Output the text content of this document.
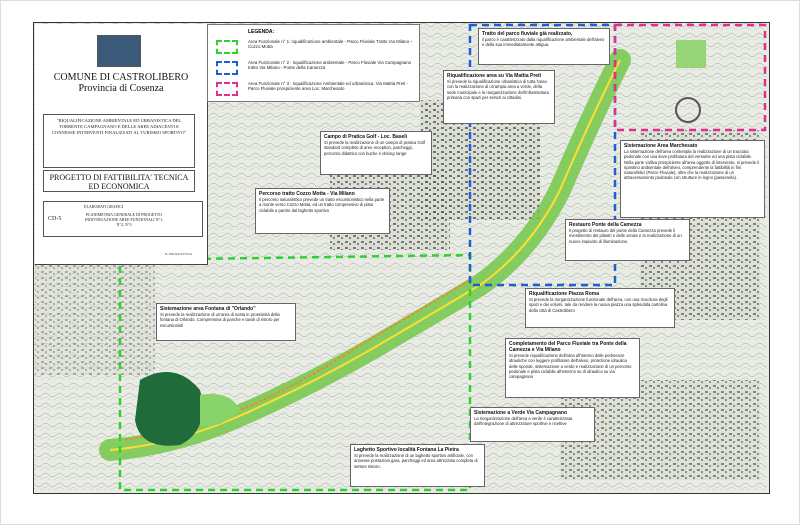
COMUNE DI CASTROLIBERO
Provincia di Cosenza
"RIQUALIFICAZIONE AMBIENTALE ED URBANISTICA DEL TORRENTE CAMPAGNANO E DELLE AREE ADIACENTI E CONNESSE INTERVENTI FINALIZZATI AL TURISMO SPORTIVO"
PROGETTO DI FATTIBILITA' TECNICA ED ECONOMICA
ELABORATI GRAFICI
CD-5
PLANIMETRIA GENERALE DI PROGETTO INDIVIDUAZIONE AREE FUNZIONALI N°1, N°2, N°3
IL PROGETTISTA
LEGENDA:
Area Funzionale n° 1: riqualificazione ambientale - Parco Fluviale Tratto Via Milano – Cozzo Motta
Area Funzionale n° 2 : riqualificazione ambientale - Parco Fluviale Via Campagnano tratto Via Milano - Ponte della Camezza
Area Funzionale n° 3 : riqualificazione Ambientale ed urbanistica. Via Mattia Preti - Parco Fluviale prospiciente area Loc. Marchesato
Tratto del parco fluviale già realizzato,
il parco è caratterizzato dalla riqualificazione ambientale dell'alveo e della sua immediatamente attigua.
Riqualificazione area su Via Mattia Preti
Si prevede la riqualificazione urbanistica di tutta l'area con la realizzazione di un'ampia area a verde, della sede municipale e la riorganizzazione dell'infrastruttura primaria con spazi per servizi ai cittadini.
Campo di Pratica Golf - Loc. Baselì
Si prevede la realizzazione di un campo di pratica Golf standard completo di aree reception, parcheggi, percorso didattico con buche e driving range
Percorso tratto Cozzo Motta - Via Milano
Il percorso naturalistico prevede un tratto escursionistico nella parte a monte verso Cozzo Motta, ed un tratto comprensivo di pista ciclabile a partire dal laghetto sportivo
Sistemazione Area Marchesato
La sistemazione dell'area contempla la realizzazione di un tracciato pedonale con una lieve profilatura del versante ed una pista ciclabile. Nella parte valliva prospiciente all'area oggetto di intervento, si prevede il ripristino ambientale dell'alveo, comprendente la fattibilità in fini naturalistici (Parco Fluviale), oltre che la realizzazione di un attraversamento pedonale con strutture in legno (passerella).
Restauro Ponte della Camezza
Il progetto di restauro del ponte della Camezza prevede il rivestimento dei pilastri e delle arcate e la realizzazione di un nuovo impianto di illuminazione.
Sistemazione area Fontana di "Orlando"
Si prevede la realizzazione di un'area di sosta in prossimità della fontana di Orlando. Comprensiva di panche e tavoli di ristoro per escursionisti
Riqualificazione Piazza Roma
Si prevede la riorganizzazione funzionale dell'area, con una ricucitura degli spazi e dei volumi, tale da rendere la nuova piazza una splendida cartolina della città di Castrolibero
Completamento del Parco Fluviale tra Ponte della Camezza e Via Milano
Si prevede riqualificazione dell'area all'interno delle pertinenze idrauliche con leggere profilature dell'alveo, protezione idraulica delle sponde, sistemazione a verde e realizzazione di un percorso pedonale e pista ciclabile all'esterno su di idraulica su via campagnano
Sistemazione a Verde Via Campagnano
La riorganizzazione dell'area a verde è caratterizzata dall'integrazione di attrezzature sportive e ricettive
Laghetto Sportivo località Fontana La Pietra
Si prevede la realizzazione di un laghetto sportivo artificiale, con annesse postazioni gara, parcheggi ed area attrezzata completa di settore ristoro.
